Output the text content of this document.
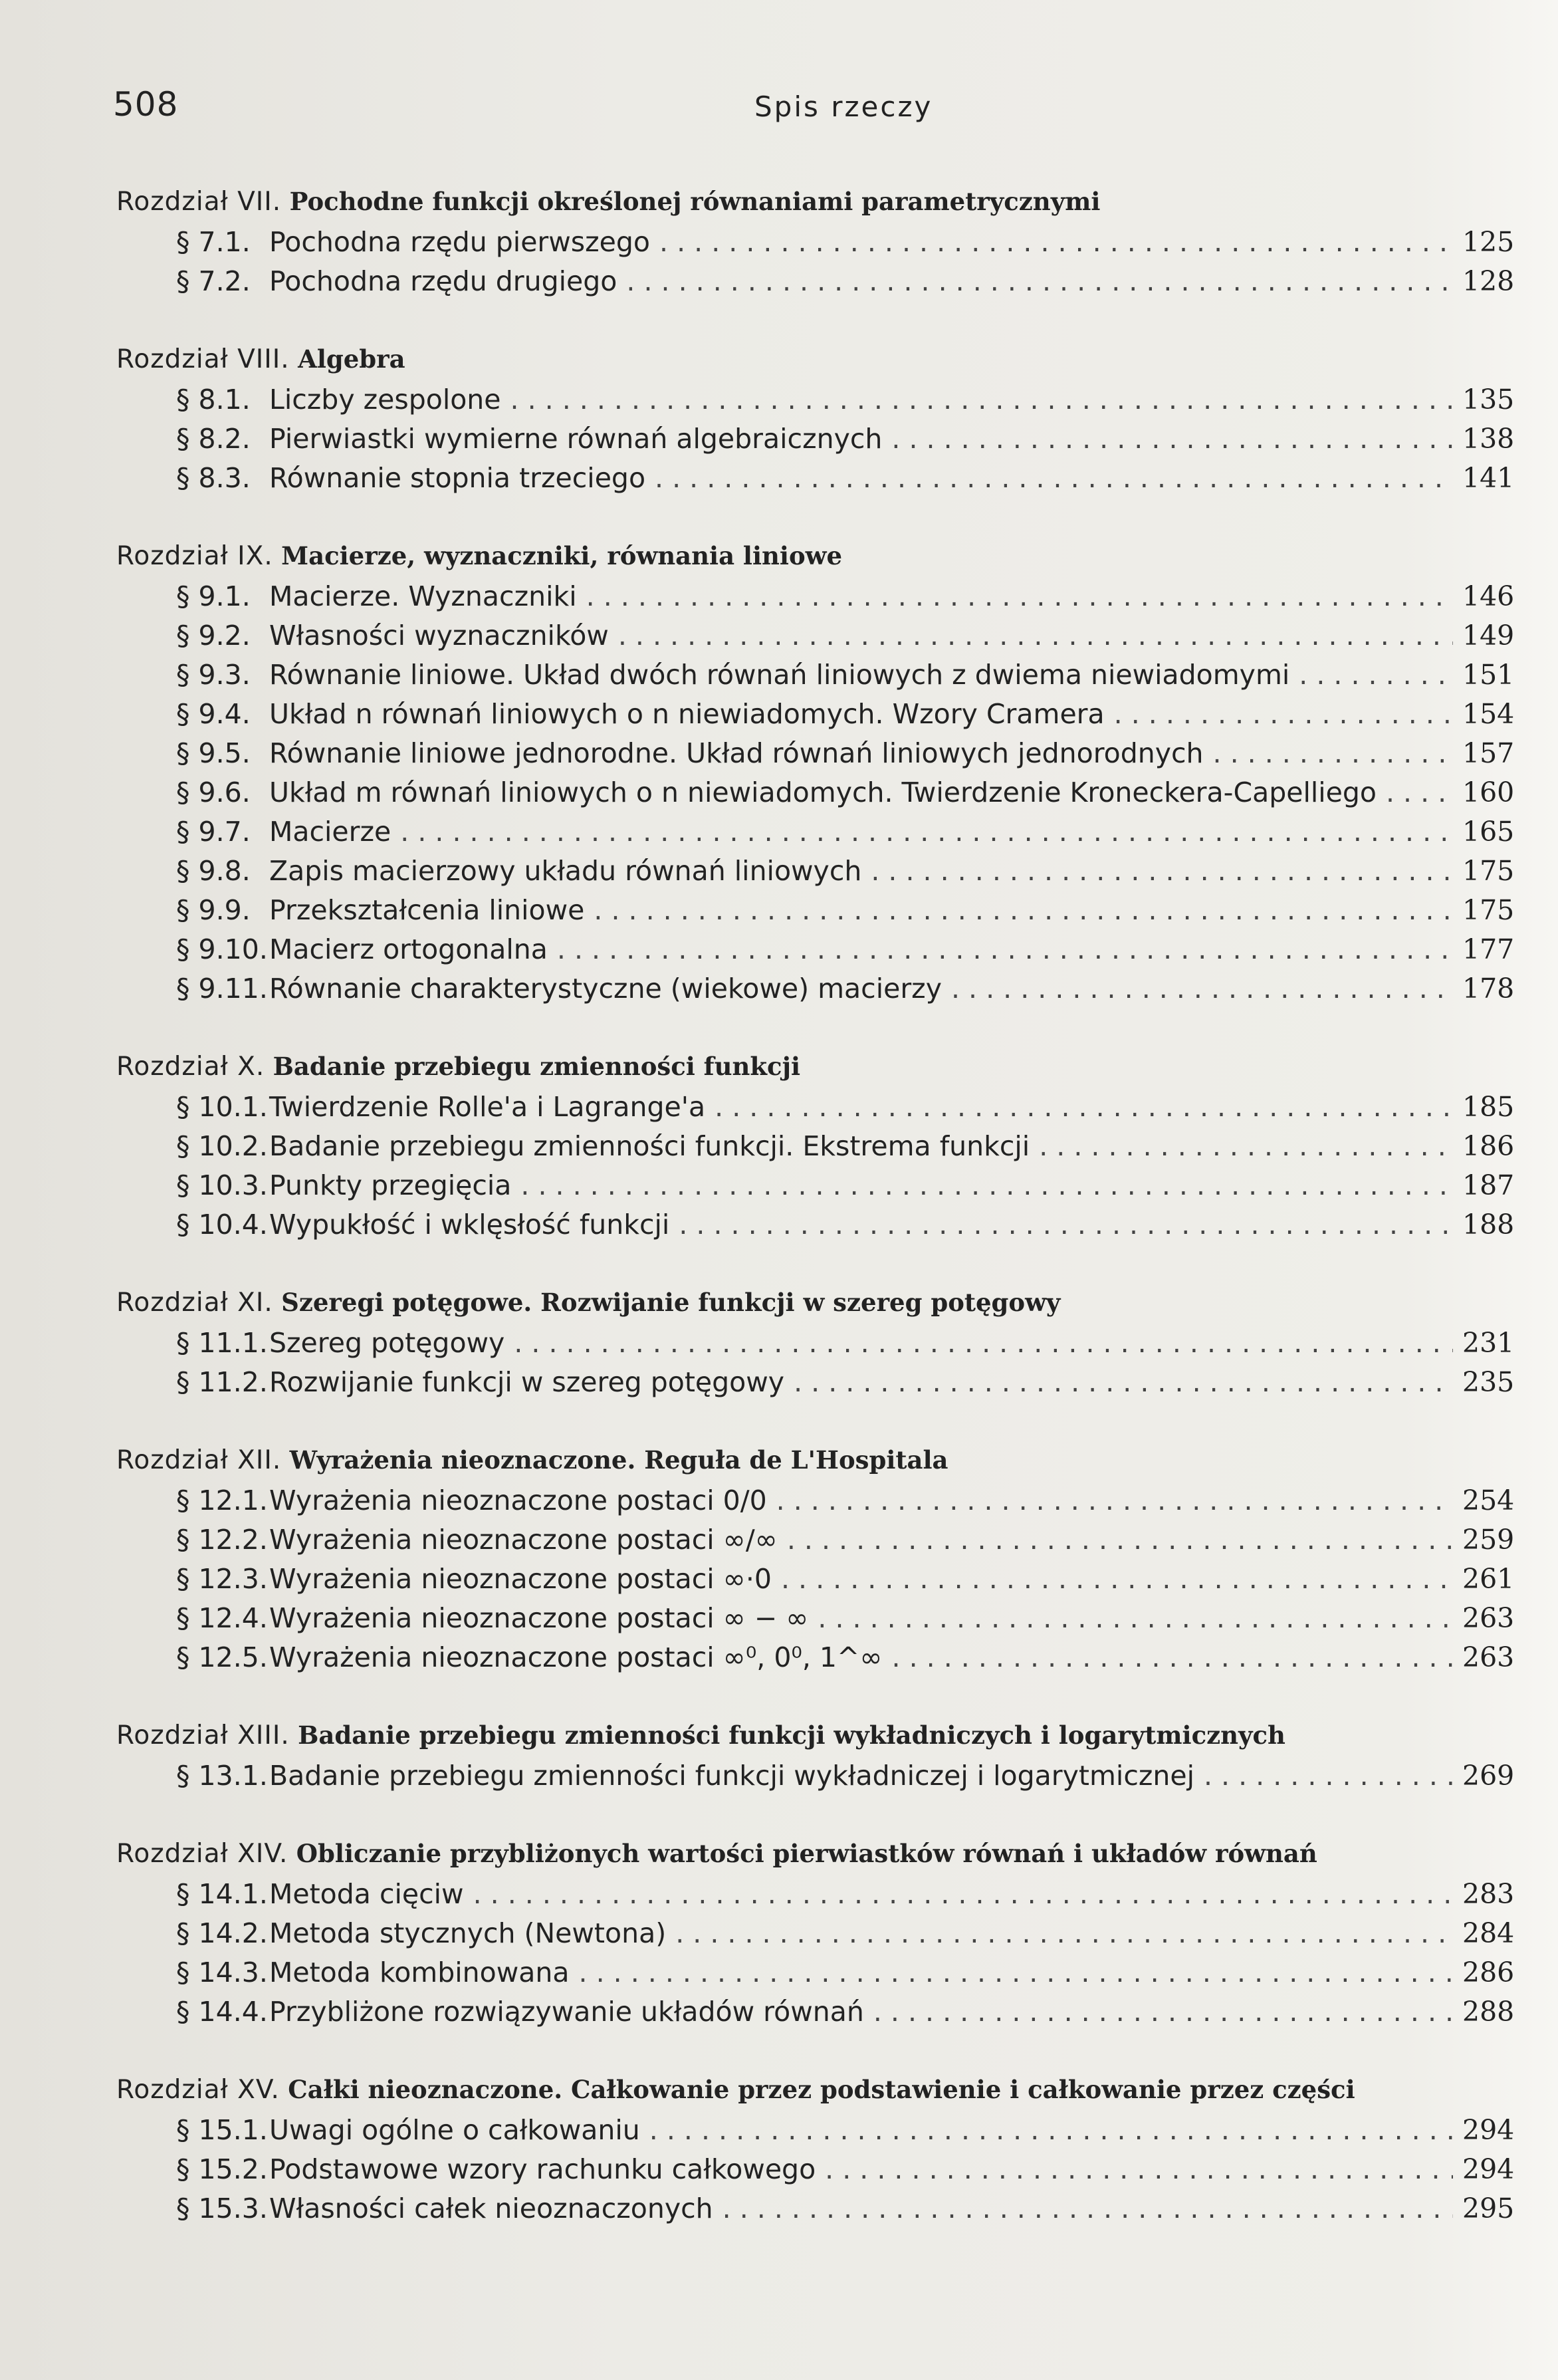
508	Spis rzeczy
Rozdział VII. Pochodne funkcji określonej równaniami parametrycznymi
§ 7.1. Pochodna rzędu pierwszego . . .	125
§ 7.2. Pochodna rzędu drugiego . . .	128
Rozdział VIII. Algebra
§ 8.1. Liczby zespolone . . .	135
§ 8.2. Pierwiastki wymierne równań algebraicznych . . .	138
§ 8.3. Równanie stopnia trzeciego . . .	141
Rozdział IX. Macierze, wyznaczniki, równania liniowe
§ 9.1. Macierze. Wyznaczniki . . .	146
§ 9.2. Własności wyznaczników . . .	149
§ 9.3. Równanie liniowe. Układ dwóch równań liniowych z dwiema niewiadomymi . . .	151
§ 9.4. Układ n równań liniowych o n niewiadomych. Wzory Cramera . . .	154
§ 9.5. Równanie liniowe jednorodne. Układ równań liniowych jednorodnych . . .	157
§ 9.6. Układ m równań liniowych o n niewiadomych. Twierdzenie Kroneckera-Capelliego . . .	160
§ 9.7. Macierze . . .	165
§ 9.8. Zapis macierzowy układu równań liniowych . . .	175
§ 9.9. Przekształcenia liniowe . . .	175
§ 9.10. Macierz ortogonalna . . .	177
§ 9.11. Równanie charakterystyczne (wiekowe) macierzy . . .	178
Rozdział X. Badanie przebiegu zmienności funkcji
§ 10.1. Twierdzenie Rolle'a i Lagrange'a . . .	185
§ 10.2. Badanie przebiegu zmienności funkcji. Ekstrema funkcji . . .	186
§ 10.3. Punkty przegięcia . . .	187
§ 10.4. Wypukłość i wklęsłość funkcji . . .	188
Rozdział XI. Szeregi potęgowe. Rozwijanie funkcji w szereg potęgowy
§ 11.1. Szereg potęgowy . . .	231
§ 11.2. Rozwijanie funkcji w szereg potęgowy . . .	235
Rozdział XII. Wyrażenia nieoznaczone. Reguła de L'Hospitala
§ 12.1. Wyrażenia nieoznaczone postaci 0/0 . . .	254
§ 12.2. Wyrażenia nieoznaczone postaci ∞/∞ . . .	259
§ 12.3. Wyrażenia nieoznaczone postaci ∞·0 . . .	261
§ 12.4. Wyrażenia nieoznaczone postaci ∞ − ∞ . . .	263
§ 12.5. Wyrażenia nieoznaczone postaci ∞⁰, 0⁰, 1^∞ . . .	263
Rozdział XIII. Badanie przebiegu zmienności funkcji wykładniczych i logarytmicznych
§ 13.1. Badanie przebiegu zmienności funkcji wykładniczej i logarytmicznej . . .	269
Rozdział XIV. Obliczanie przybliżonych wartości pierwiastków równań i układów równań
§ 14.1. Metoda cięciw . . .	283
§ 14.2. Metoda stycznych (Newtona) . . .	284
§ 14.3. Metoda kombinowana . . .	286
§ 14.4. Przybliżone rozwiązywanie układów równań . . .	288
Rozdział XV. Całki nieoznaczone. Całkowanie przez podstawienie i całkowanie przez części
§ 15.1. Uwagi ogólne o całkowaniu . . .	294
§ 15.2. Podstawowe wzory rachunku całkowego . . .	294
§ 15.3. Własności całek nieoznaczonych . . .	295
